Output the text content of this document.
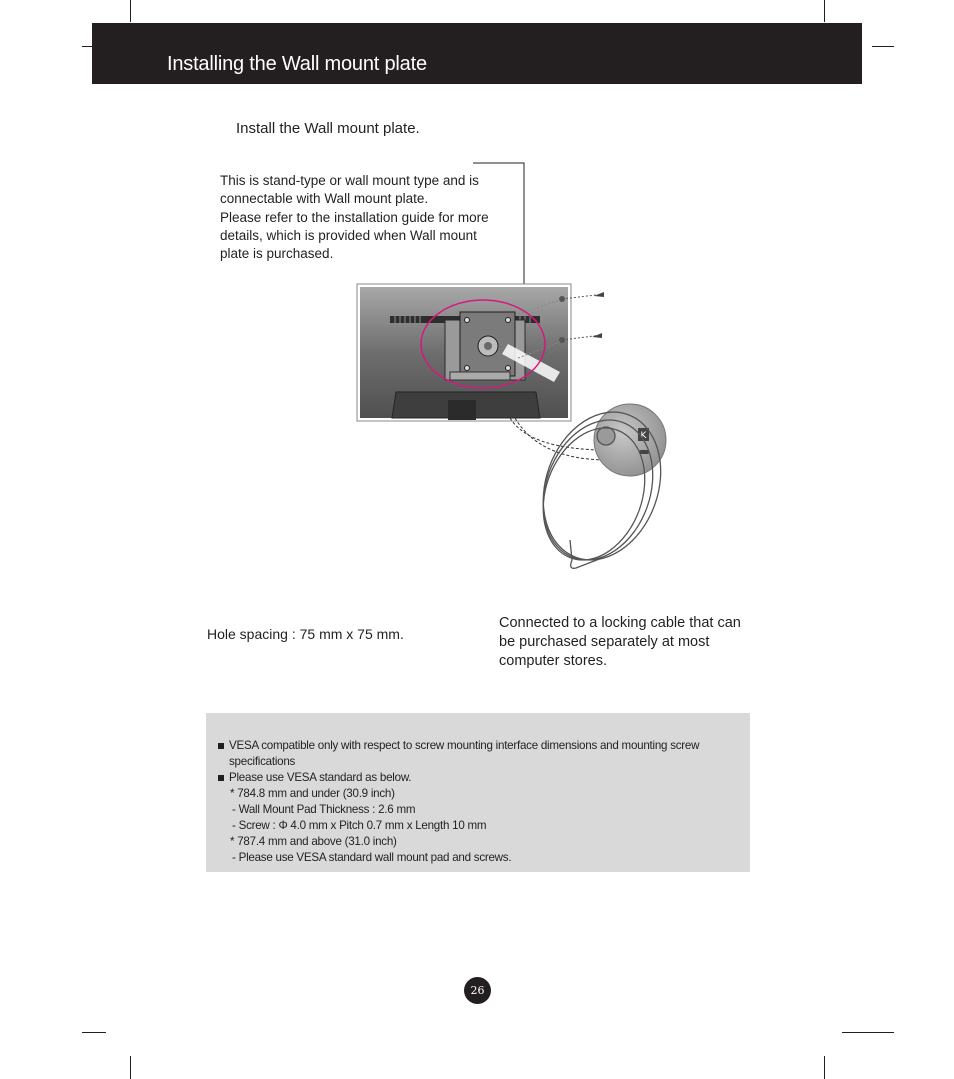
Installing the Wall mount plate
Install the Wall mount plate.
This is stand-type or wall mount type and is
connectable with Wall mount plate.
Please refer to the installation guide for more
details, which is provided when Wall mount
plate is purchased.
K
Hole spacing : 75 mm x 75 mm.
Connected to a locking cable that can
be purchased separately at most
computer stores.
VESA compatible only with respect to screw mounting interface dimensions and mounting screw
specifications
Please use VESA standard as below.
* 784.8 mm and under (30.9 inch)
- Wall Mount Pad Thickness : 2.6 mm
- Screw : Φ 4.0 mm x Pitch 0.7 mm x Length 10 mm
* 787.4 mm and above (31.0 inch)
- Please use VESA standard wall mount pad and screws.
26
